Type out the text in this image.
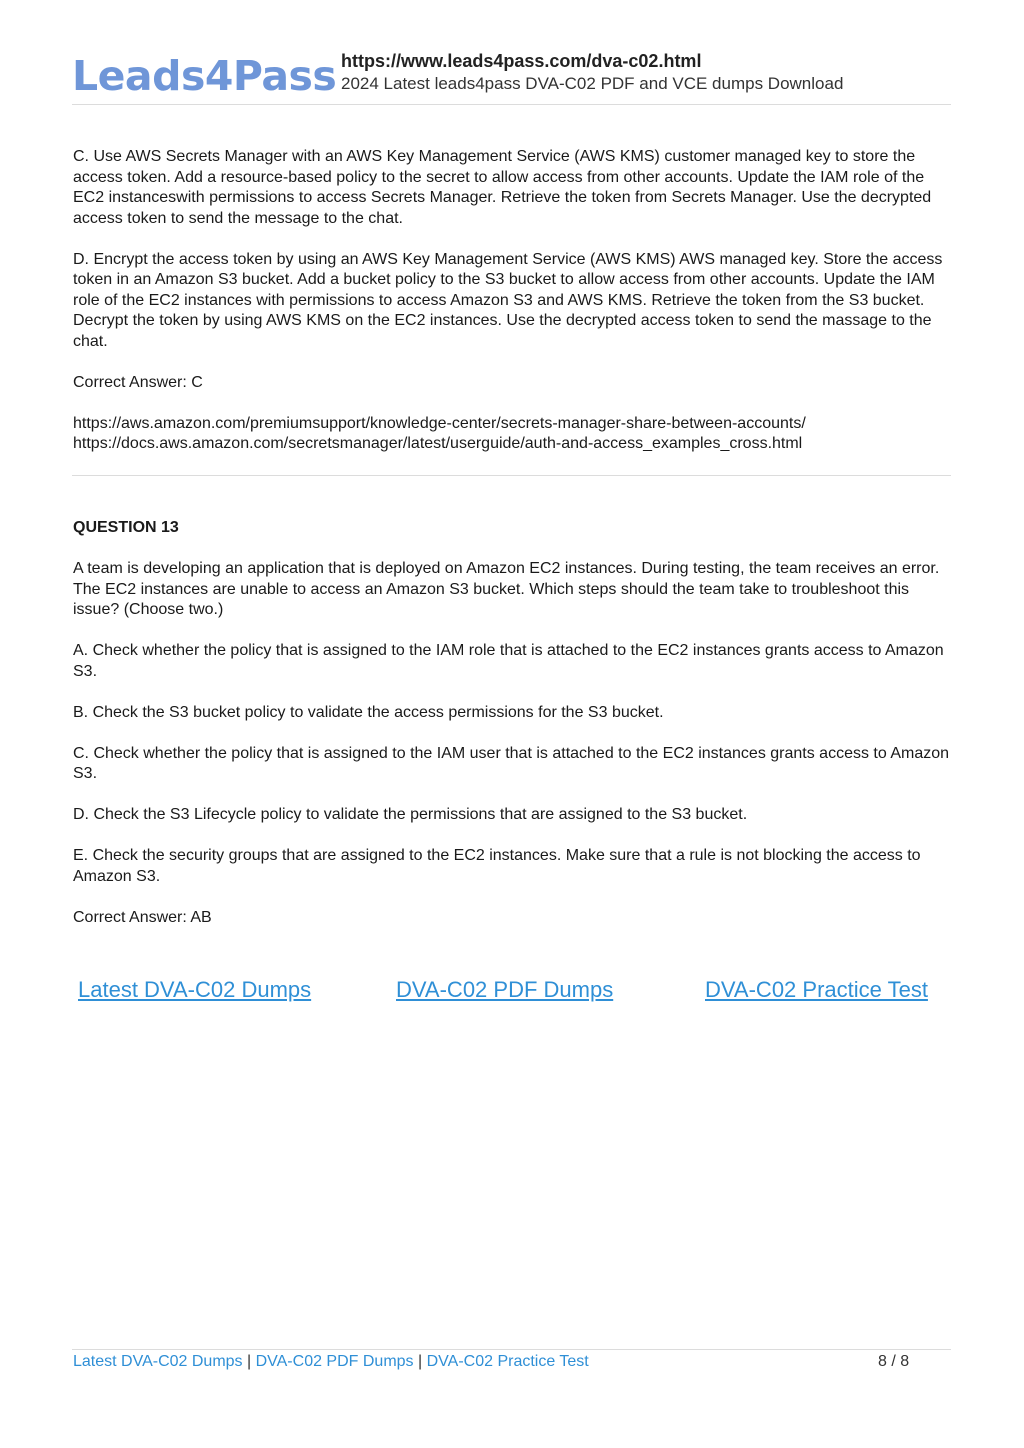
Leads4Pass https://www.leads4pass.com/dva-c02.html
2024 Latest leads4pass DVA-C02 PDF and VCE dumps Download

C. Use AWS Secrets Manager with an AWS Key Management Service (AWS KMS) customer managed key to store the access token. Add a resource-based policy to the secret to allow access from other accounts. Update the IAM role of the EC2 instanceswith permissions to access Secrets Manager. Retrieve the token from Secrets Manager. Use the decrypted access token to send the message to the chat.

D. Encrypt the access token by using an AWS Key Management Service (AWS KMS) AWS managed key. Store the access token in an Amazon S3 bucket. Add a bucket policy to the S3 bucket to allow access from other accounts. Update the IAM role of the EC2 instances with permissions to access Amazon S3 and AWS KMS. Retrieve the token from the S3 bucket. Decrypt the token by using AWS KMS on the EC2 instances. Use the decrypted access token to send the massage to the chat.

Correct Answer: C

https://aws.amazon.com/premiumsupport/knowledge-center/secrets-manager-share-between-accounts/
https://docs.aws.amazon.com/secretsmanager/latest/userguide/auth-and-access_examples_cross.html

QUESTION 13

A team is developing an application that is deployed on Amazon EC2 instances. During testing, the team receives an error. The EC2 instances are unable to access an Amazon S3 bucket. Which steps should the team take to troubleshoot this issue? (Choose two.)

A. Check whether the policy that is assigned to the IAM role that is attached to the EC2 instances grants access to Amazon S3.

B. Check the S3 bucket policy to validate the access permissions for the S3 bucket.

C. Check whether the policy that is assigned to the IAM user that is attached to the EC2 instances grants access to Amazon S3.

D. Check the S3 Lifecycle policy to validate the permissions that are assigned to the S3 bucket.

E. Check the security groups that are assigned to the EC2 instances. Make sure that a rule is not blocking the access to Amazon S3.

Correct Answer: AB

Latest DVA-C02 Dumps	DVA-C02 PDF Dumps	DVA-C02 Practice Test
Latest DVA-C02 Dumps | DVA-C02 PDF Dumps | DVA-C02 Practice Test	8 / 8
